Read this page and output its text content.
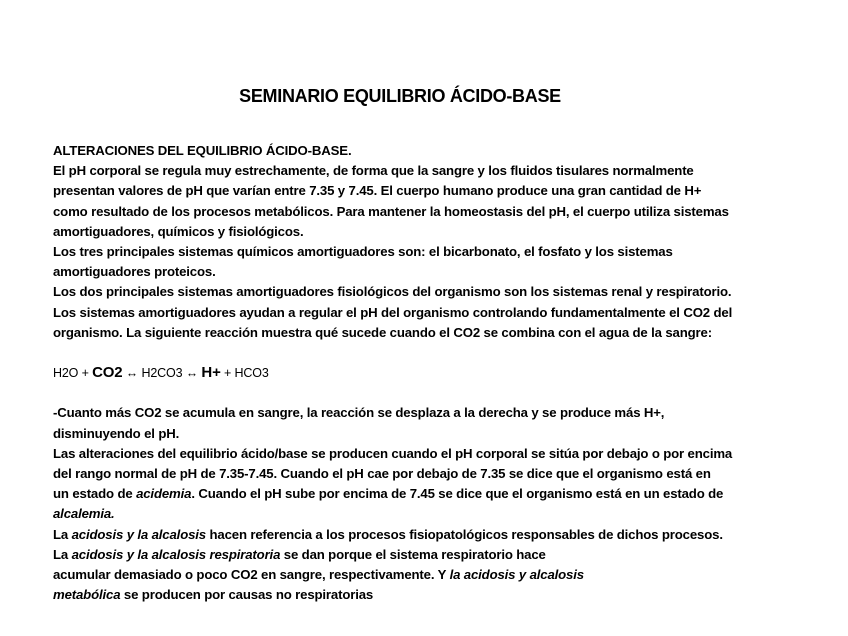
SEMINARIO EQUILIBRIO ÁCIDO-BASE
ALTERACIONES DEL EQUILIBRIO ÁCIDO-BASE.
El pH corporal se regula muy estrechamente, de forma que la sangre y los fluidos tisulares normalmente
presentan valores de pH que varían entre 7.35 y 7.45. El cuerpo humano produce una gran cantidad de H+
como resultado de los procesos metabólicos. Para mantener la homeostasis del pH, el cuerpo utiliza sistemas
amortiguadores, químicos y fisiológicos.
Los tres principales sistemas químicos amortiguadores son: el bicarbonato, el fosfato y los sistemas
amortiguadores proteicos.
Los dos principales sistemas amortiguadores fisiológicos del organismo son los sistemas renal y respiratorio.
Los sistemas amortiguadores ayudan a regular el pH del organismo controlando fundamentalmente el CO2 del
organismo. La siguiente reacción muestra qué sucede cuando el CO2 se combina con el agua de la sangre:
H2O + CO2 ↔ H2CO3 ↔ H+ + HCO3
-Cuanto más CO2 se acumula en sangre, la reacción se desplaza a la derecha y se produce más H+,
disminuyendo el pH.
Las alteraciones del equilibrio ácido/base se producen cuando el pH corporal se sitúa por debajo o por encima
del rango normal de pH de 7.35-7.45. Cuando el pH cae por debajo de 7.35 se dice que el organismo está en
un estado de acidemia. Cuando el pH sube por encima de 7.45 se dice que el organismo está en un estado de
alcalemia.
La acidosis y la alcalosis hacen referencia a los procesos fisiopatológicos responsables de dichos procesos.
La acidosis y la alcalosis respiratoria se dan porque el sistema respiratorio hace
acumular demasiado o poco CO2 en sangre, respectivamente. Y la acidosis y alcalosis
metabólica se producen por causas no respiratorias
